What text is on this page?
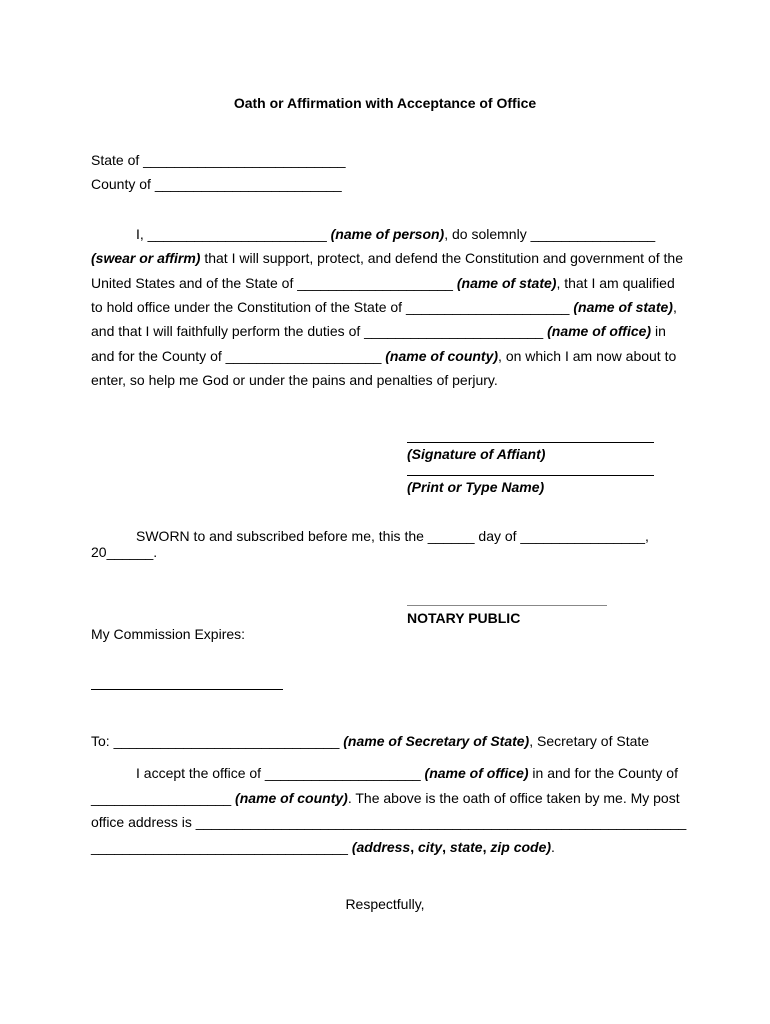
Oath or Affirmation with Acceptance of Office
State of __________________________
County of ________________________
I, _______________________ (name of person), do solemnly ________________
(swear or affirm) that I will support, protect, and defend the Constitution and government of the
United States and of the State of ____________________ (name of state), that I am qualified
to hold office under the Constitution of the State of _____________________ (name of state),
and that I will faithfully perform the duties of _______________________ (name of office) in
and for the County of ____________________ (name of county), on which I am now about to
enter, so help me God or under the pains and penalties of perjury.
(Signature of Affiant)
(Print or Type Name)
SWORN to and subscribed before me, this the ______ day of ________________,
20______.
NOTARY PUBLIC
My Commission Expires:
To: _____________________________ (name of Secretary of State), Secretary of State
I accept the office of ____________________ (name of office) in and for the County of
__________________ (name of county). The above is the oath of office taken by me. My post
office address is _______________________________________________________________
_________________________________ (address, city, state, zip code).
Respectfully,
